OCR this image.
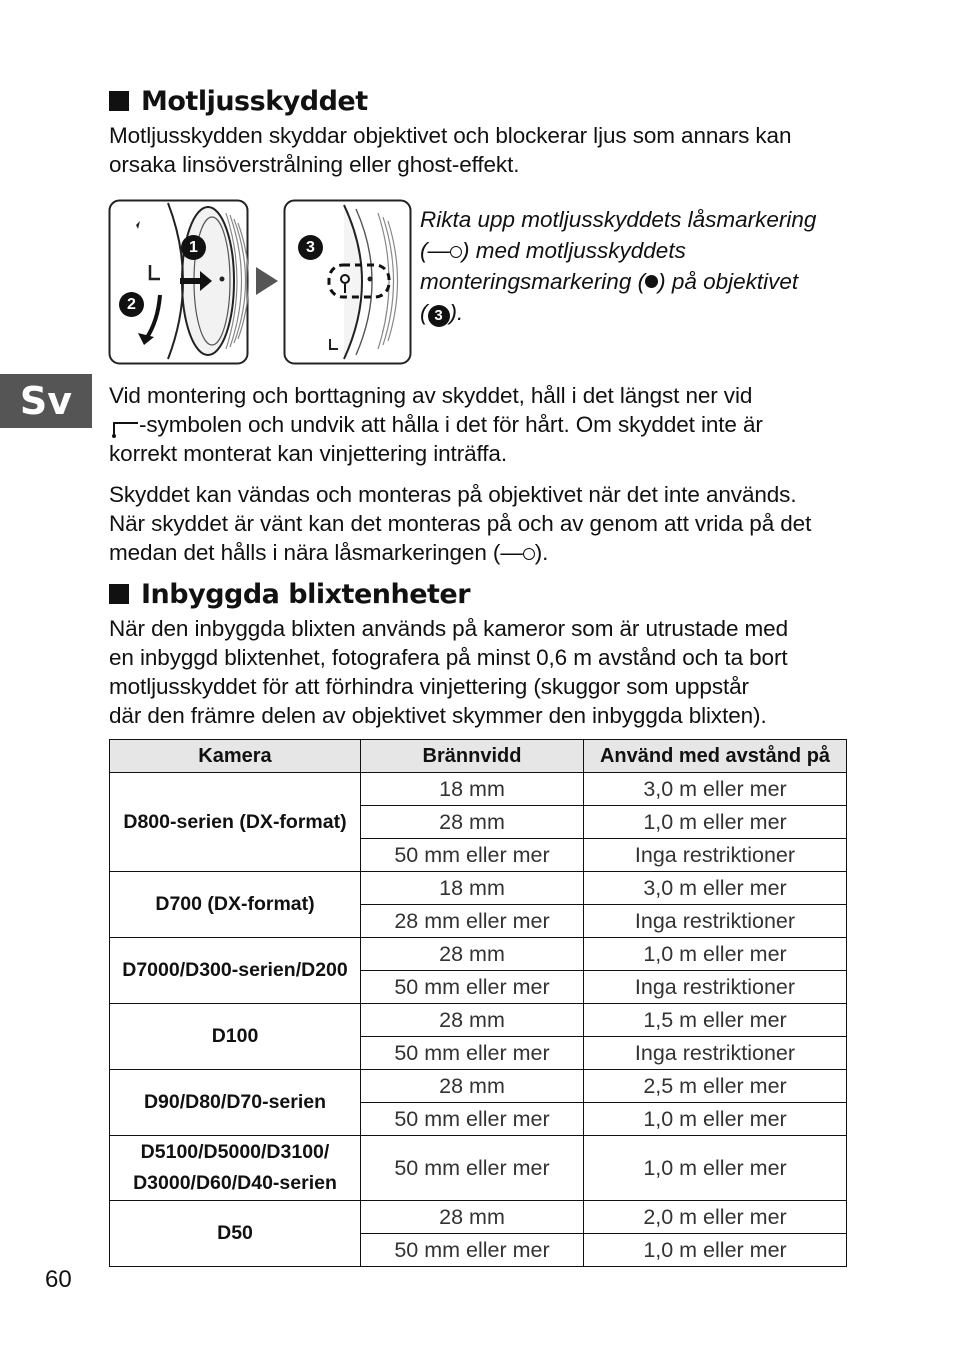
Motljusskyddet

Motljusskydden skyddar objektivet och blockerar ljus som annars kan

orsaka linsöverstrålning eller ghost-effekt.

1
2
3

Rikta upp motljusskyddets låsmarkering

(— ) med motljusskyddets

monteringsmarkering ( ) på objektivet

( 3 ).

Sv	Vid montering och borttagning av skyddet, håll i det längst ner vid

-symbolen och undvik att hålla i det för hårt. Om skyddet inte är

korrekt monterat kan vinjettering inträffa.

Skyddet kan vändas och monteras på objektivet när det inte används.

När skyddet är vänt kan det monteras på och av genom att vrida på det

medan det hålls i nära låsmarkeringen (— ).

Inbyggda blixtenheter

När den inbyggda blixten används på kameror som är utrustade med

en inbyggd blixtenhet, fotografera på minst 0,6 m avstånd och ta bort

motljusskyddet för att förhindra vinjettering (skuggor som uppstår

där den främre delen av objektivet skymmer den inbyggda blixten).

Kamera	Brännvidd	Använd med avstånd på

D800-serien (DX-format)	18 mm	3,0 m eller mer
	28 mm	1,0 m eller mer
	50 mm eller mer	Inga restriktioner

D700 (DX-format)	18 mm	3,0 m eller mer
	28 mm eller mer	Inga restriktioner

D7000/D300-serien/D200	28 mm	1,0 m eller mer
	50 mm eller mer	Inga restriktioner

D100	28 mm	1,5 m eller mer
	50 mm eller mer	Inga restriktioner

D90/D80/D70-serien	28 mm	2,5 m eller mer
	50 mm eller mer	1,0 m eller mer

D5100/D5000/D3100/
D3000/D60/D40-serien	50 mm eller mer	1,0 m eller mer

D50	28 mm	2,0 m eller mer
	50 mm eller mer	1,0 m eller mer
60
